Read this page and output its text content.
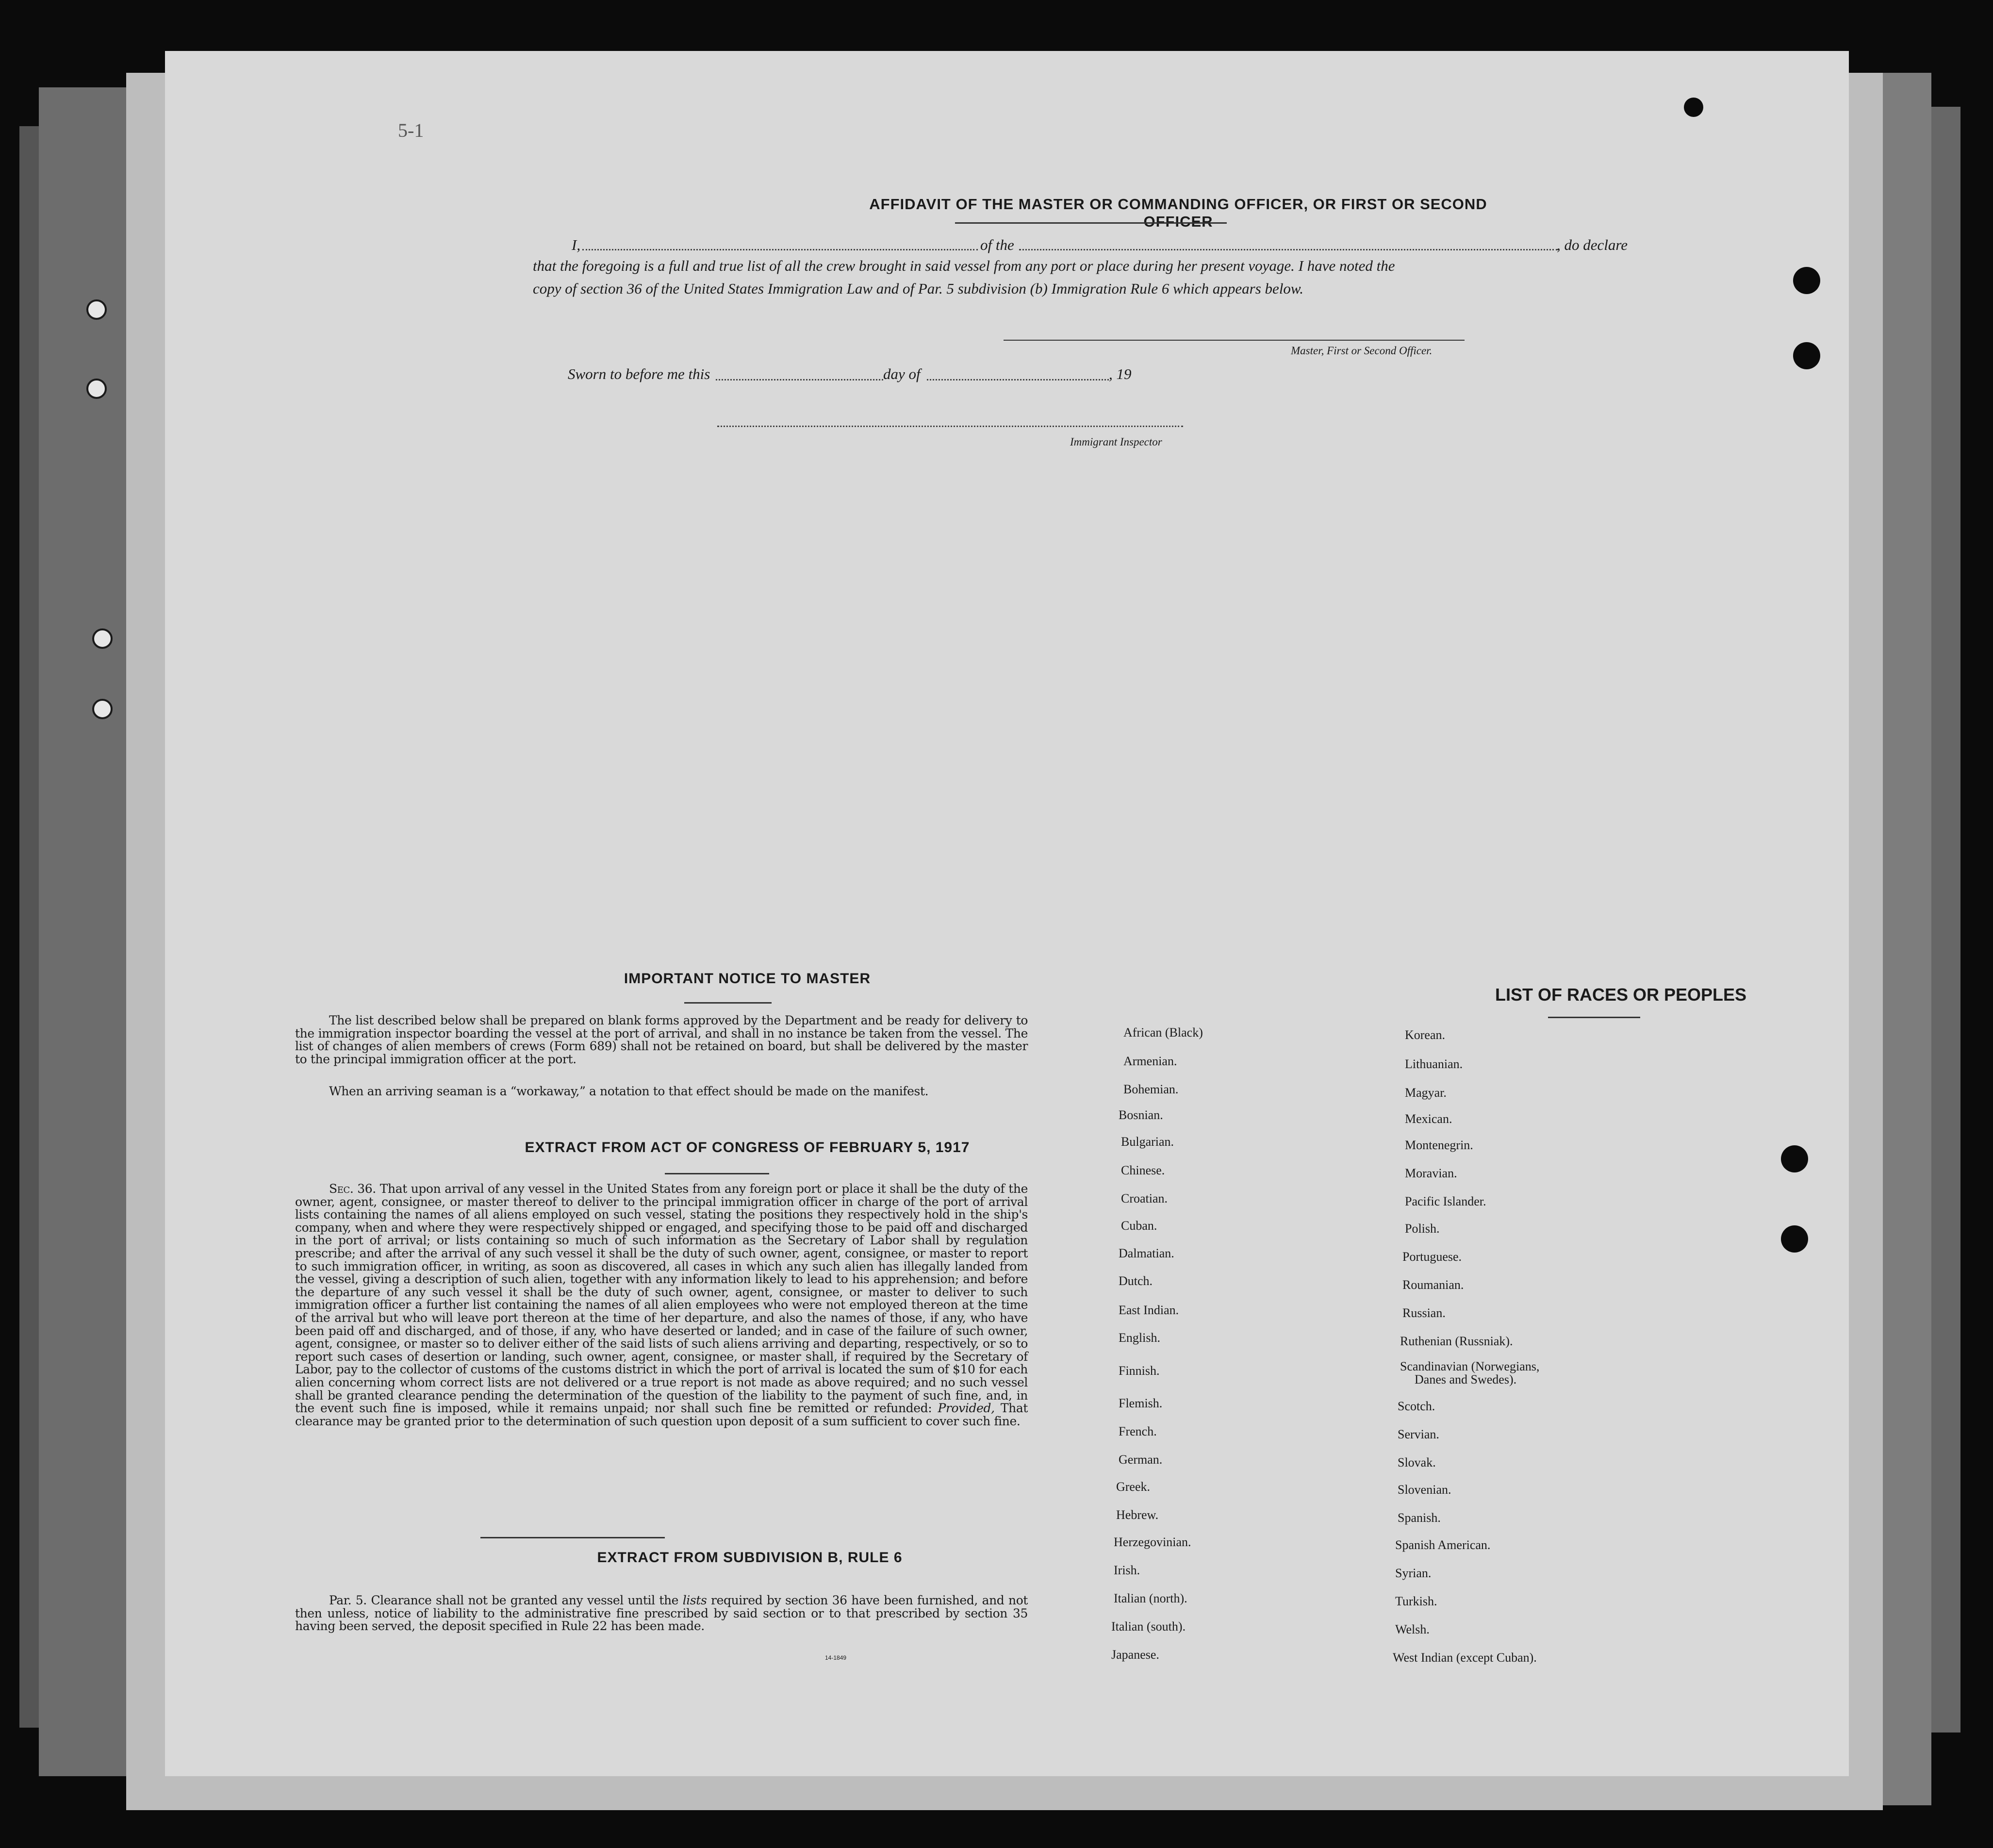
5-1
AFFIDAVIT OF THE MASTER OR COMMANDING OFFICER, OR FIRST OR SECOND OFFICER
I,	of the	, do declare
that the foregoing is a full and true list of all the crew brought in said vessel from any port or place during her present voyage. I have noted the
copy of section 36 of the United States Immigration Law and of Par. 5 subdivision (b) Immigration Rule 6 which appears below.
Master, First or Second Officer.
Sworn to before me this	day of	, 19
Immigrant Inspector
IMPORTANT NOTICE TO MASTER

The list described below shall be prepared on blank forms approved by the Department and be ready for delivery to the immigration inspector boarding the vessel at the port of arrival, and shall in no instance be taken from the vessel. The list of changes of alien members of crews (Form 689) shall not be retained on board, but shall be delivered by the master to the principal immigration officer at the port.

When an arriving seaman is a “workaway,” a notation to that effect should be made on the manifest.

EXTRACT FROM ACT OF CONGRESS OF FEBRUARY 5, 1917

Sec. 36. That upon arrival of any vessel in the United States from any foreign port or place it shall be the duty of the owner, agent, consignee, or master thereof to deliver to the principal immigration officer in charge of the port of arrival lists containing the names of all aliens employed on such vessel, stating the positions they respectively hold in the ship's company, when and where they were respectively shipped or engaged, and specifying those to be paid off and discharged in the port of arrival; or lists containing so much of such information as the Secretary of Labor shall by regulation prescribe; and after the arrival of any such vessel it shall be the duty of such owner, agent, consignee, or master to report to such immigration officer, in writing, as soon as discovered, all cases in which any such alien has illegally landed from the vessel, giving a description of such alien, together with any information likely to lead to his apprehension; and before the departure of any such vessel it shall be the duty of such owner, agent, consignee, or master to deliver to such immigration officer a further list containing the names of all alien employees who were not employed thereon at the time of the arrival but who will leave port thereon at the time of her departure, and also the names of those, if any, who have been paid off and discharged, and of those, if any, who have deserted or landed; and in case of the failure of such owner, agent, consignee, or master so to deliver either of the said lists of such aliens arriving and departing, respectively, or so to report such cases of desertion or landing, such owner, agent, consignee, or master shall, if required by the Secretary of Labor, pay to the collector of customs of the customs district in which the port of arrival is located the sum of $10 for each alien concerning whom correct lists are not delivered or a true report is not made as above required; and no such vessel shall be granted clearance pending the determination of the question of the liability to the payment of such fine, and, in the event such fine is imposed, while it remains unpaid; nor shall such fine be remitted or refunded: Provided, That clearance may be granted prior to the determination of such question upon deposit of a sum sufficient to cover such fine.

EXTRACT FROM SUBDIVISION B, RULE 6

Par. 5. Clearance shall not be granted any vessel until the lists required by section 36 have been furnished, and not then unless, notice of liability to the administrative fine prescribed by said section or to that prescribed by section 35 having been served, the deposit specified in Rule 22 has been made.

14-1849
LIST OF RACES OR PEOPLES
African (Black)
Armenian.
Bohemian.
Bosnian.
Bulgarian.
Chinese.
Croatian.
Cuban.
Dalmatian.
Dutch.
East Indian.
English.
Finnish.
Flemish.
French.
German.
Greek.
Hebrew.
Herzegovinian.
Irish.
Italian (north).
Italian (south).
Japanese.
Korean.
Lithuanian.
Magyar.
Mexican.
Montenegrin.
Moravian.
Pacific Islander.
Polish.
Portuguese.
Roumanian.
Russian.
Ruthenian (Russniak).
Scandinavian (Norwegians,
Danes and Swedes).
Scotch.
Servian.
Slovak.
Slovenian.
Spanish.
Spanish American.
Syrian.
Turkish.
Welsh.
West Indian (except Cuban).
